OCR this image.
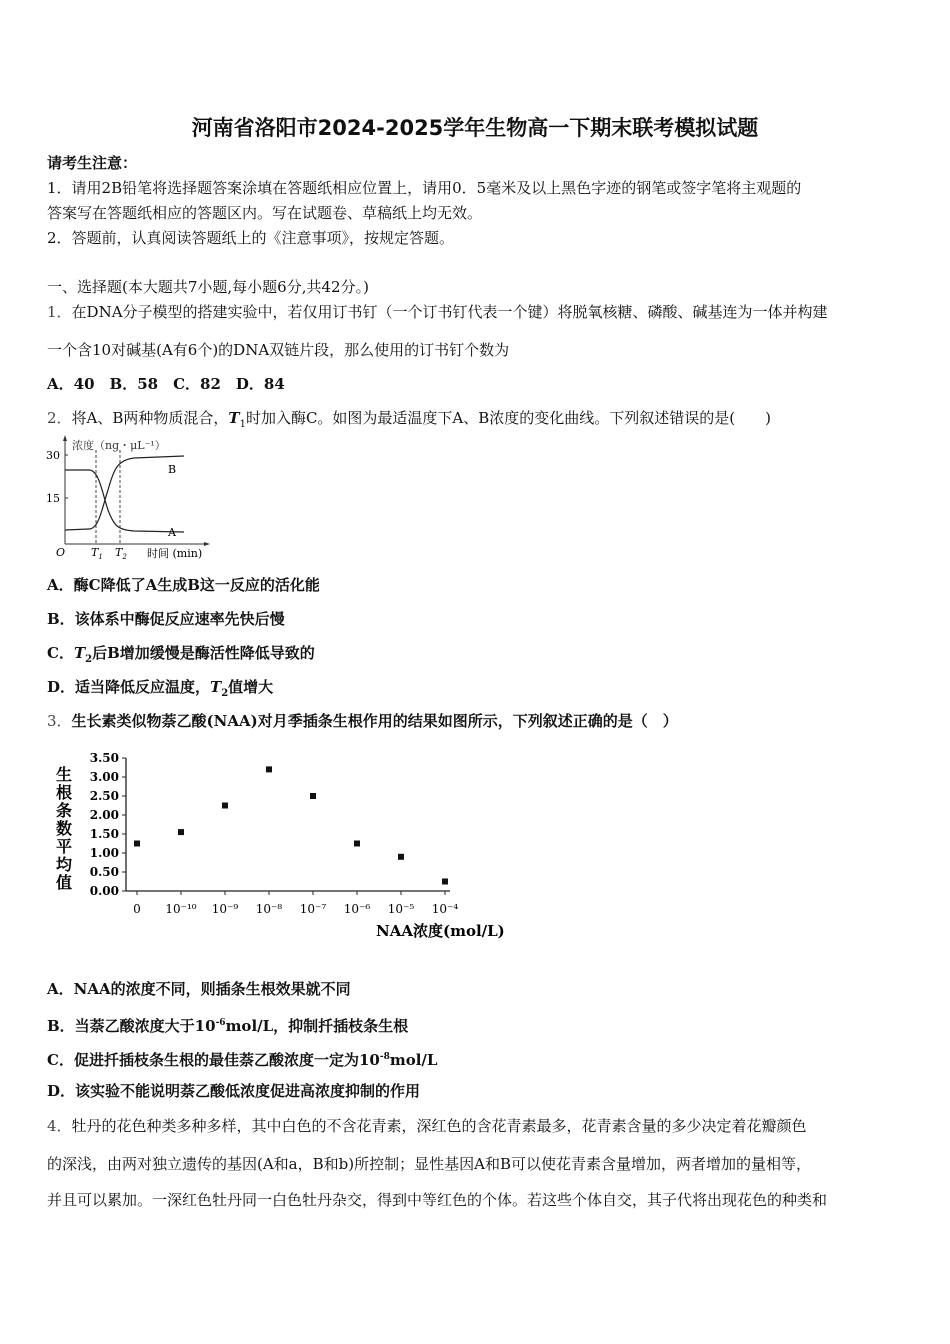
河南省洛阳市2024-2025学年生物高一下期末联考模拟试题
请考生注意：
1．请用2B铅笔将选择题答案涂填在答题纸相应位置上，请用0．5毫米及以上黑色字迹的钢笔或签字笔将主观题的
答案写在答题纸相应的答题区内。写在试题卷、草稿纸上均无效。
2．答题前，认真阅读答题纸上的《注意事项》，按规定答题。
一、选择题(本大题共7小题,每小题6分,共42分。)
1．在DNA分子模型的搭建实验中，若仅用订书钉（一个订书钉代表一个键）将脱氧核糖、磷酸、碱基连为一体并构建
一个含10对碱基(A有6个)的DNA双链片段，那么使用的订书钉个数为
A．40　B．58　C．82　D．84
2．将A、B两种物质混合，$T_1$时加入酶C。如图为最适温度下A、B浓度的变化曲线。下列叙述错误的是(　　)
30
15
浓度（ng・μL⁻¹）
B
A
O $T_1$ $T_2$ 时间 (min)
A．酶C降低了A生成B这一反应的活化能
B．该体系中酶促反应速率先快后慢
C．$T_2$后B增加缓慢是酶活性降低导致的
D．适当降低反应温度，$T_2$值增大
3．生长素类似物萘乙酸(NAA)对月季插条生根作用的结果如图所示，下列叙述正确的是（　）
生
根
条
数
平
均
值 0.00
0.50
1.00
1.50
2.00
2.50
3.00
3.50
0 10⁻¹⁰ 10⁻⁹ 10⁻⁸ 10⁻⁷ 10⁻⁶ 10⁻⁵ 10⁻⁴
NAA浓度(mol/L)
A．NAA的浓度不同，则插条生根效果就不同
B．当萘乙酸浓度大于$10^{-6}mol/L$，抑制扦插枝条生根
C．促进扦插枝条生根的最佳萘乙酸浓度一定为$10^{-8}mol/L$
D．该实验不能说明萘乙酸低浓度促进高浓度抑制的作用
4．牡丹的花色种类多种多样，其中白色的不含花青素，深红色的含花青素最多，花青素含量的多少决定着花瓣颜色
的深浅，由两对独立遗传的基因(A和a，B和b)所控制；显性基因A和B可以使花青素含量增加，两者增加的量相等，
并且可以累加。一深红色牡丹同一白色牡丹杂交，得到中等红色的个体。若这些个体自交，其子代将出现花色的种类和
